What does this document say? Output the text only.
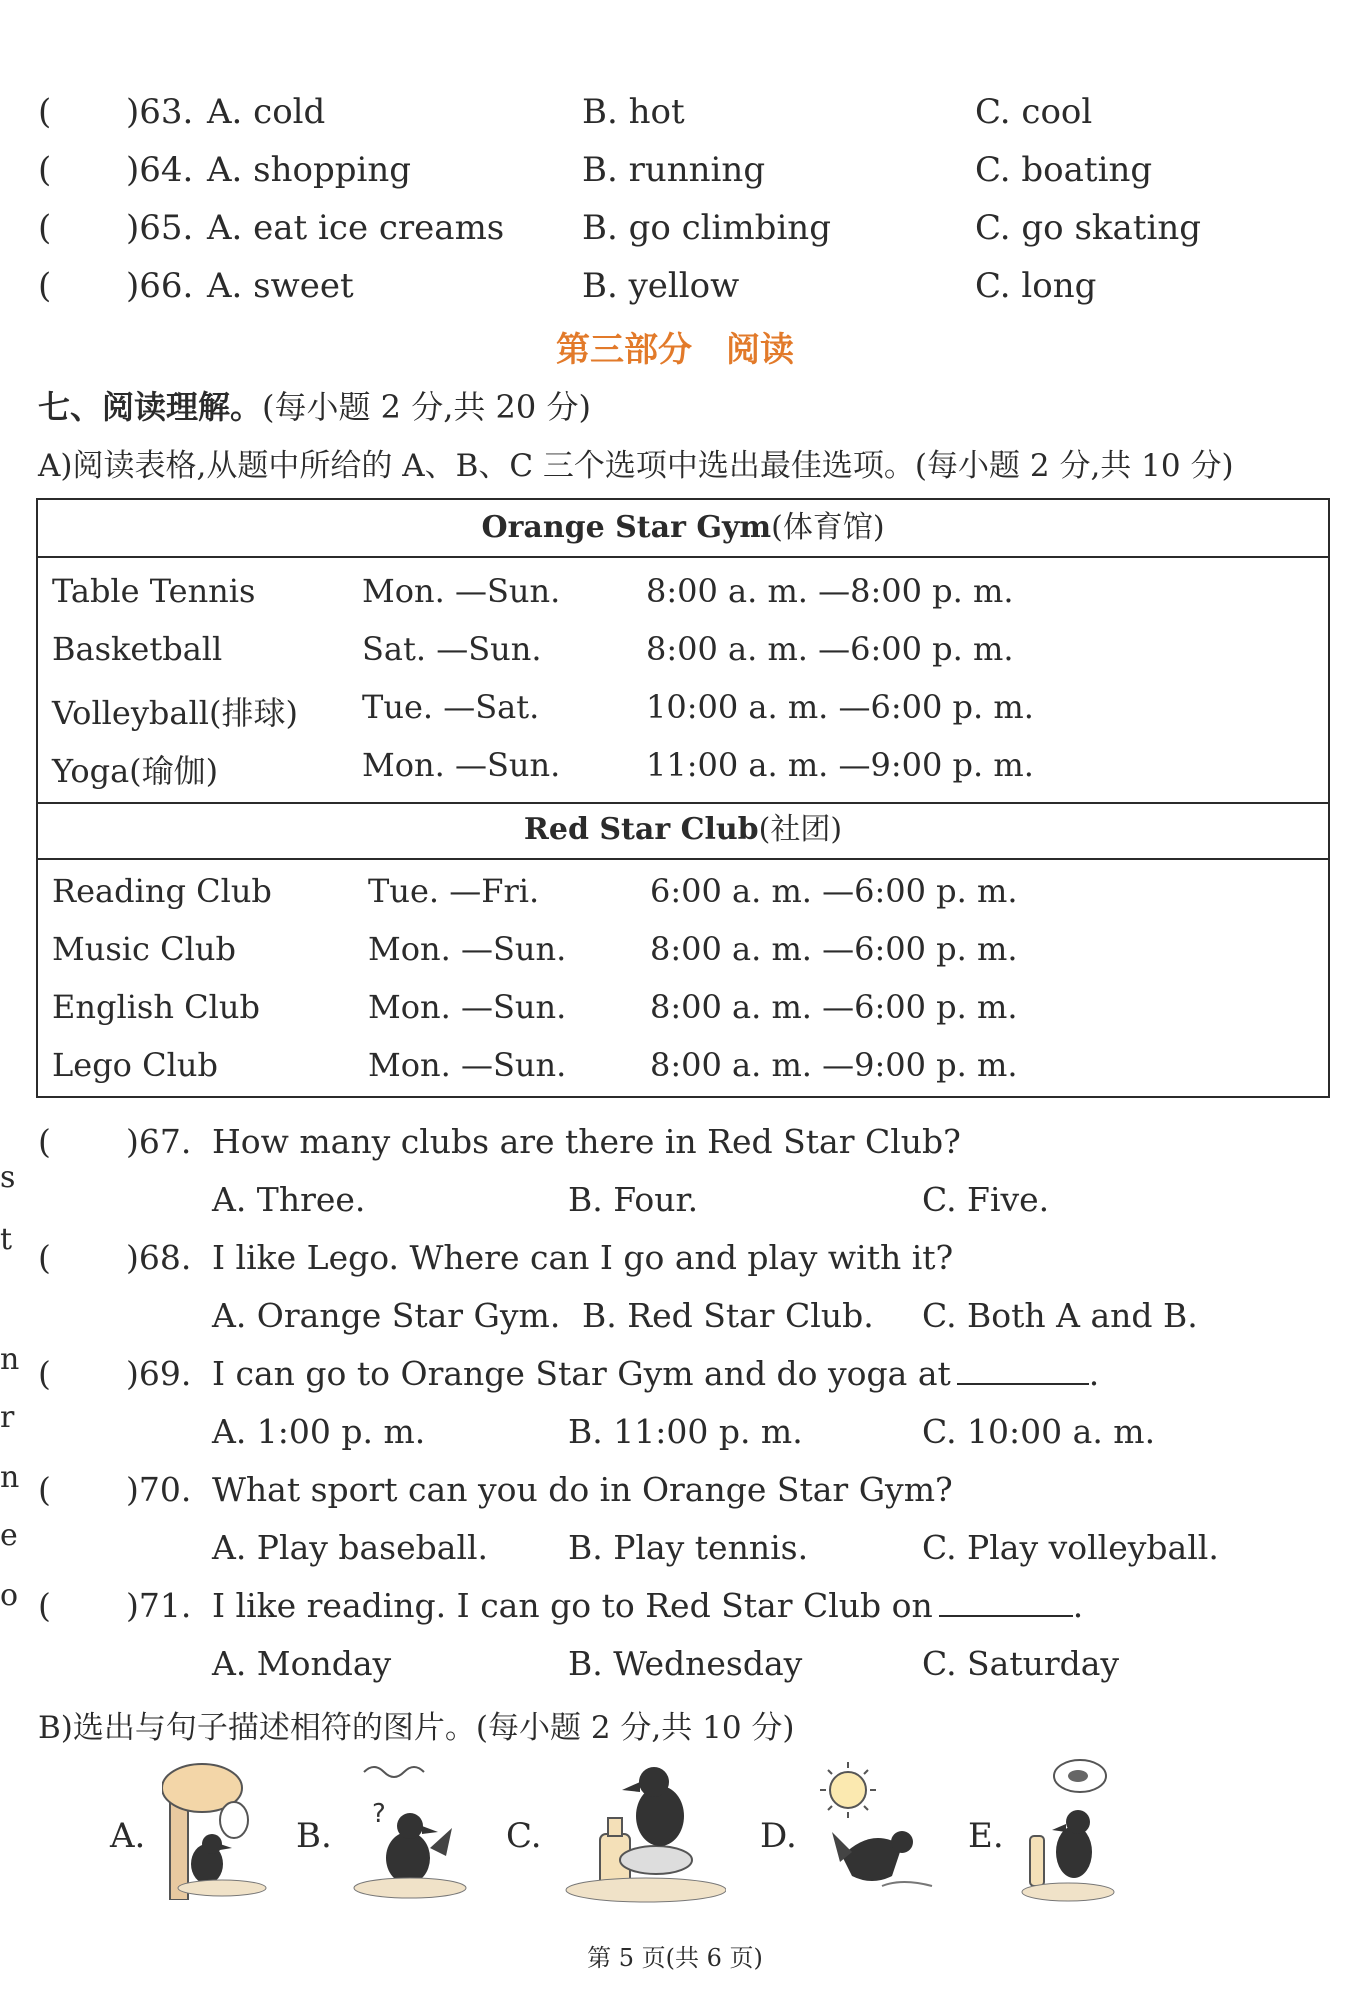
s
t
n
r
n
e
o
( )63. A. cold	B. hot	C. cool
( )64. A. shopping	B. running	C. boating
( )65. A. eat ice creams B. go climbing	C. go skating
( )66. A. sweet	B. yellow	C. long
第三部分　阅读
七、阅读理解。(每小题 2 分,共 20 分)
A)阅读表格,从题中所给的 A、B、C 三个选项中选出最佳选项。(每小题 2 分,共 10 分)
Orange Star Gym(体育馆)
Table Tennis	Mon. —Sun.	8:00 a. m. —8:00 p. m.
Basketball	Sat. —Sun.	8:00 a. m. —6:00 p. m.
Volleyball(排球) Tue. —Sat.	10:00 a. m. —6:00 p. m.
Yoga(瑜伽)	Mon. —Sun.	11:00 a. m. —9:00 p. m.
Red Star Club(社团)
Reading Club	Tue. —Fri.	6:00 a. m. —6:00 p. m.
Music Club	Mon. —Sun.	8:00 a. m. —6:00 p. m.
English Club	Mon. —Sun.	8:00 a. m. —6:00 p. m.
Lego Club	Mon. —Sun.	8:00 a. m. —9:00 p. m.
( )67. How many clubs are there in Red Star Club?
A. Three.	B. Four.	C. Five.
( )68. I like Lego. Where can I go and play with it?
A. Orange Star Gym. B. Red Star Club. C. Both A and B.
( )69. I can go to Orange Star Gym and do yoga at	.
A. 1:00 p. m.	B. 11:00 p. m.	C. 10:00 a. m.
( )70. What sport can you do in Orange Star Gym?
A. Play baseball. B. Play tennis.	C. Play volleyball.
( )71. I like reading. I can go to Red Star Club on	.
A. Monday	B. Wednesday	C. Saturday
B)选出与句子描述相符的图片。(每小题 2 分,共 10 分)
A.	B.
?
C.	D.	E.
第 5 页(共 6 页)
